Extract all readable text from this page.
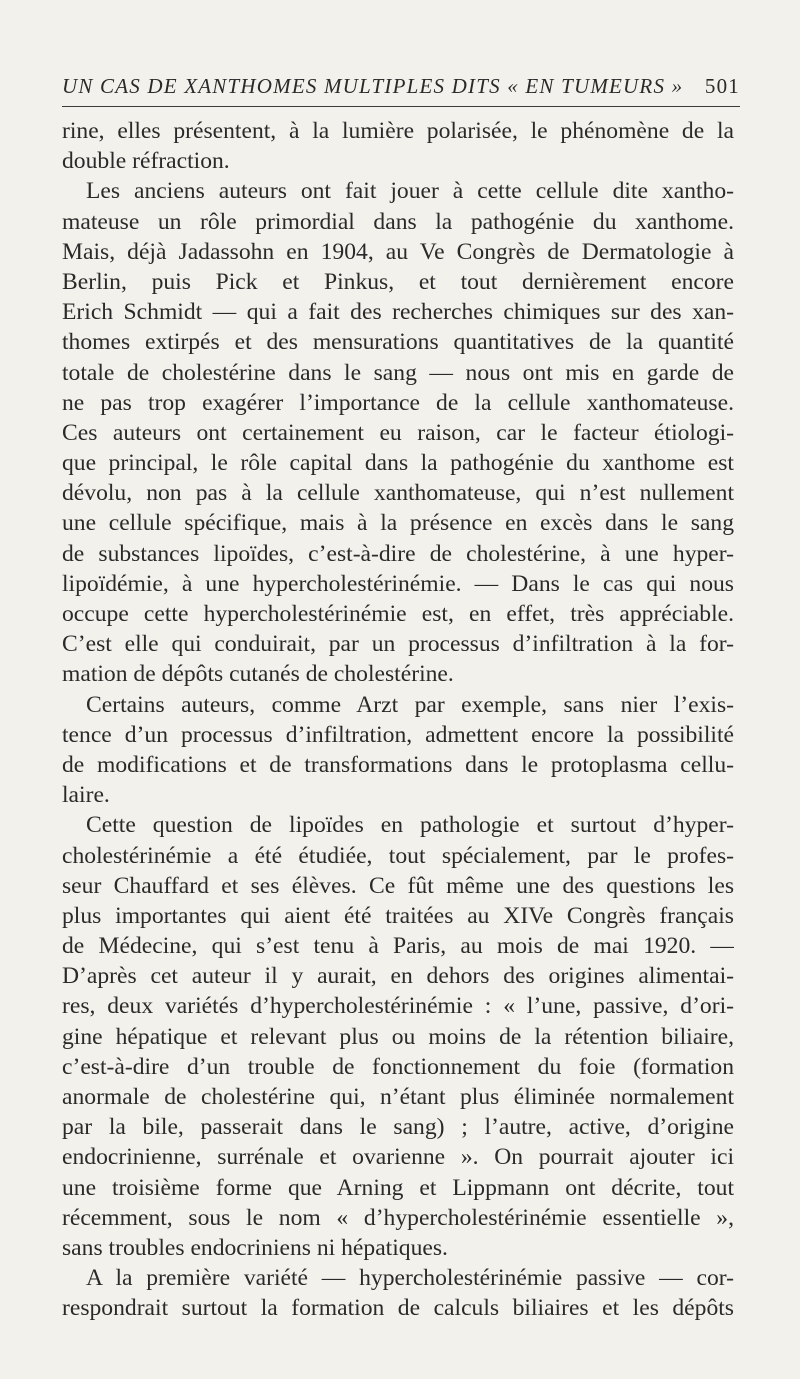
UN CAS DE XANTHOMES MULTIPLES DITS « EN TUMEURS » 501
rine, elles présentent, à la lumière polarisée, le phénomène de la
double réfraction.
Les anciens auteurs ont fait jouer à cette cellule dite xantho-
mateuse un rôle primordial dans la pathogénie du xanthome.
Mais, déjà Jadassohn en 1904, au Ve Congrès de Dermatologie à
Berlin, puis Pick et Pinkus, et tout dernièrement encore
Erich Schmidt — qui a fait des recherches chimiques sur des xan-
thomes extirpés et des mensurations quantitatives de la quantité
totale de cholestérine dans le sang — nous ont mis en garde de
ne pas trop exagérer l’importance de la cellule xanthomateuse.
Ces auteurs ont certainement eu raison, car le facteur étiologi-
que principal, le rôle capital dans la pathogénie du xanthome est
dévolu, non pas à la cellule xanthomateuse, qui n’est nullement
une cellule spécifique, mais à la présence en excès dans le sang
de substances lipoïdes, c’est-à-dire de cholestérine, à une hyper-
lipoïdémie, à une hypercholestérinémie. — Dans le cas qui nous
occupe cette hypercholestérinémie est, en effet, très appréciable.
C’est elle qui conduirait, par un processus d’infiltration à la for-
mation de dépôts cutanés de cholestérine.
Certains auteurs, comme Arzt par exemple, sans nier l’exis-
tence d’un processus d’infiltration, admettent encore la possibilité
de modifications et de transformations dans le protoplasma cellu-
laire.
Cette question de lipoïdes en pathologie et surtout d’hyper-
cholestérinémie a été étudiée, tout spécialement, par le profes-
seur Chauffard et ses élèves. Ce fût même une des questions les
plus importantes qui aient été traitées au XIVe Congrès français
de Médecine, qui s’est tenu à Paris, au mois de mai 1920. —
D’après cet auteur il y aurait, en dehors des origines alimentai-
res, deux variétés d’hypercholestérinémie : « l’une, passive, d’ori-
gine hépatique et relevant plus ou moins de la rétention biliaire,
c’est-à-dire d’un trouble de fonctionnement du foie (formation
anormale de cholestérine qui, n’étant plus éliminée normalement
par la bile, passerait dans le sang) ; l’autre, active, d’origine
endocrinienne, surrénale et ovarienne ». On pourrait ajouter ici
une troisième forme que Arning et Lippmann ont décrite, tout
récemment, sous le nom « d’hypercholestérinémie essentielle »,
sans troubles endocriniens ni hépatiques.
A la première variété — hypercholestérinémie passive — cor-
respondrait surtout la formation de calculs biliaires et les dépôts
